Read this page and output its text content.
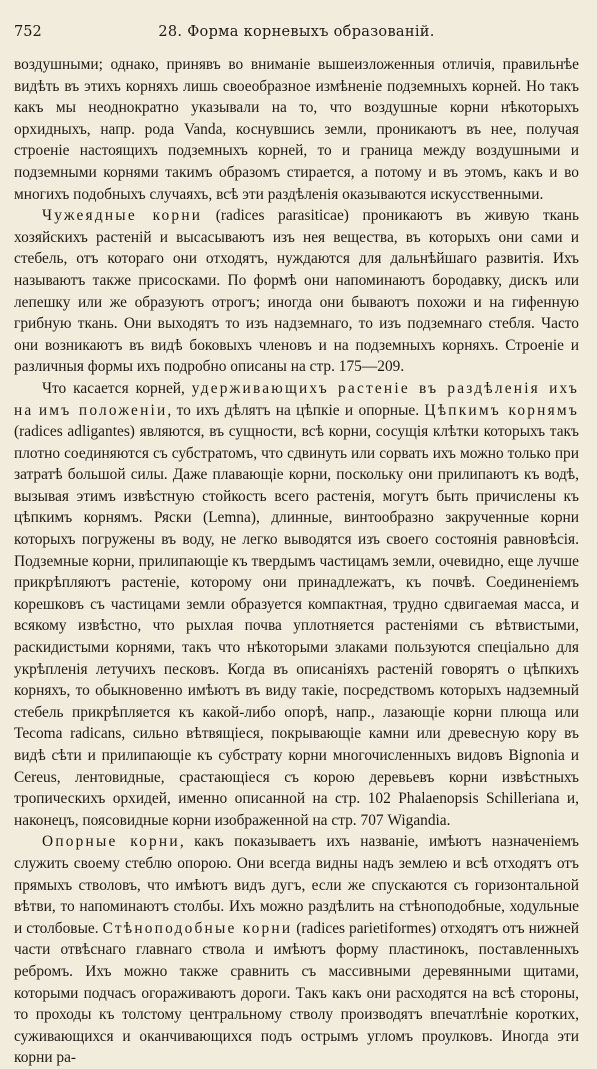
752	28. Форма корневыхъ образованій.

воздушными; однако, принявъ во вниманіе вышеизложенныя отличія, правильнѣе видѣть въ этихъ корняхъ лишь своеобразное измѣненіе подземныхъ корней. Но такъ какъ мы неоднократно указывали на то, что воздушные корни нѣкоторыхъ орхидныхъ, напр. рода Vanda, коснувшись земли, проникаютъ въ нее, получая строеніе настоящихъ подземныхъ корней, то и граница между воздушными и подземными корнями такимъ образомъ стирается, а потому и въ этомъ, какъ и во многихъ подобныхъ случаяхъ, всѣ эти раздѣленія оказываются искусственными.

Чужеядные корни (radices parasiticae) проникаютъ въ живую ткань хозяйскихъ растеній и высасываютъ изъ нея вещества, въ которыхъ они сами и стебель, отъ котораго они отходятъ, нуждаются для дальнѣйшаго развитія. Ихъ называютъ также присосками. По формѣ они напоминаютъ бородавку, дискъ или лепешку или же образуютъ отрогъ; иногда они бываютъ похожи и на гифенную грибную ткань. Они выходятъ то изъ надземнаго, то изъ подземнаго стебля. Часто они возникаютъ въ видѣ боковыхъ членовъ и на подземныхъ корняхъ. Строеніе и различныя формы ихъ подробно описаны на стр. 175—209.

Что касается корней, удерживающихъ растеніе въ раздѣленія ихъ на имъ положеніи, то ихъ дѣлятъ на цѣпкіе и опорные. Цѣпкимъ корнямъ (radices adligantes) являются, въ сущности, всѣ корни, сосущія клѣтки которыхъ такъ плотно соединяются съ субстратомъ, что сдвинуть или сорвать ихъ можно только при затратѣ большой силы. Даже плавающіе корни, поскольку они прилипаютъ къ водѣ, вызывая этимъ извѣстную стойкость всего растенія, могутъ быть причислены къ цѣпкимъ корнямъ. Ряски (Lemna), длинные, винтообразно закрученные корни которыхъ погружены въ воду, не легко выводятся изъ своего состоянія равновѣсія. Подземные корни, прилипающіе къ твердымъ частицамъ земли, очевидно, еще лучше прикрѣпляютъ растеніе, которому они принадлежатъ, къ почвѣ. Соединеніемъ корешковъ съ частицами земли образуется компактная, трудно сдвигаемая масса, и всякому извѣстно, что рыхлая почва уплотняется растеніями съ вѣтвистыми, раскидистыми корнями, такъ что нѣкоторыми злаками пользуются спеціально для укрѣпленія летучихъ песковъ. Когда въ описаніяхъ растеній говорятъ о цѣпкихъ корняхъ, то обыкновенно имѣютъ въ виду такіе, посредствомъ которыхъ надземный стебель прикрѣпляется къ какой-либо опорѣ, напр., лазающіе корни плюща или Tecoma radicans, сильно вѣтвящіеся, покрывающіе камни или древесную кору въ видѣ сѣти и прилипающіе къ субстрату корни многочисленныхъ видовъ Bignonia и Cereus, лентовидные, срастающіеся съ корою деревьевъ корни извѣстныхъ тропическихъ орхидей, именно описанной на стр. 102 Phalaenopsis Schilleriana и, наконецъ, поясовидные корни изображенной на стр. 707 Wigandia.

Опорные корни, какъ показываетъ ихъ названіе, имѣютъ назначеніемъ служить своему стеблю опорою. Они всегда видны надъ землею и всѣ отходятъ отъ прямыхъ стволовъ, что имѣютъ видъ дугъ, если же спускаются съ горизонтальной вѣтви, то напоминаютъ столбы. Ихъ можно раздѣлить на стѣноподобные, ходульные и столбовые. Стѣноподобные корни (radices parietiformes) отходятъ отъ нижней части отвѣснаго главнаго ствола и имѣютъ форму пластинокъ, поставленныхъ ребромъ. Ихъ можно также сравнить съ массивными деревянными щитами, которыми подчасъ огораживаютъ дороги. Такъ какъ они расходятся на всѣ стороны, то проходы къ толстому центральному стволу производятъ впечатлѣніе коротких, суживающихся и оканчивающихся подъ острымъ угломъ проулковъ. Иногда эти корни ра-
